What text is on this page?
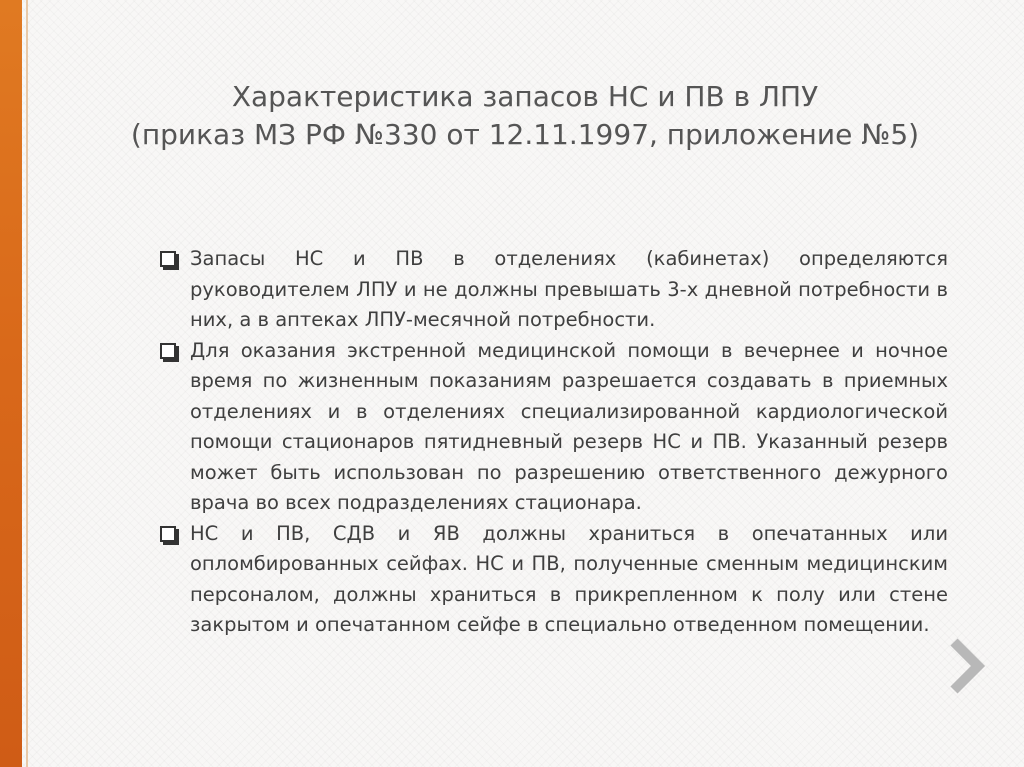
Характеристика запасов НС и ПВ в ЛПУ
(приказ МЗ РФ №330 от 12.11.1997, приложение №5)
Запасы НС и ПВ в отделениях (кабинетах) определяются руководителем ЛПУ и не должны превышать 3-х дневной потребности в них, а в аптеках ЛПУ-месячной потребности.
Для оказания экстренной медицинской помощи в вечернее и ночное время по жизненным показаниям разрешается создавать в приемных отделениях и в отделениях специализированной кардиологической помощи стационаров пятидневный резерв НС и ПВ. Указанный резерв может быть использован по разрешению ответственного дежурного врача во всех подразделениях стационара.
НС и ПВ, СДВ и ЯВ должны храниться в опечатанных или опломбированных сейфах. НС и ПВ, полученные сменным медицинским персоналом, должны храниться в прикрепленном к полу или стене закрытом и опечатанном сейфе в специально отведенном помещении.
